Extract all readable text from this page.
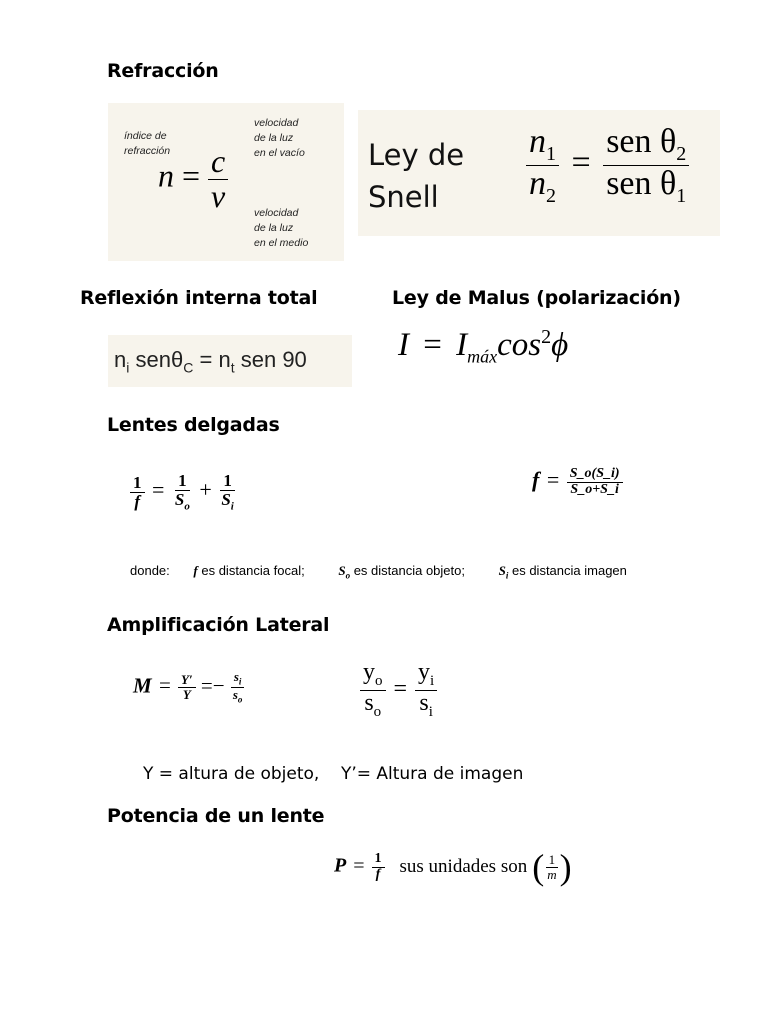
Refracción
índice de
refracción
velocidad
de la luz
en el vacío
velocidad
de la luz
en el medio
$n = \frac{c}{v}$	Ley de
Snell	$\frac{n_1}{n_2} = \frac{sen \theta_2}{sen \theta_1}$
Reflexión interna total	Ley de Malus (polarización)
$n_i$ $sen\theta_C = n_t$ sen 90	$I = I_{máx}\cos^2\phi$
Lentes delgadas
$\frac{1}{f} = \frac{1}{S_o} + \frac{1}{S_i}$	$f = \frac{S\_o(S\_i)}{S\_o+S\_i}$
donde: f es distancia focal;	$S_o$ es distancia objeto;	$S_i$ es distancia imagen
Amplificación Lateral
$M = \frac{Y'}{Y} =- \frac{s_i}{s_o}$	$\frac{y_o}{s_o} = \frac{y_i}{s_i}$
Y = altura de objeto,    Y’= Altura de imagen
Potencia de un lente
$P = \frac{1}{f}$ sus unidades son ( $\frac{1}{m}$ )
